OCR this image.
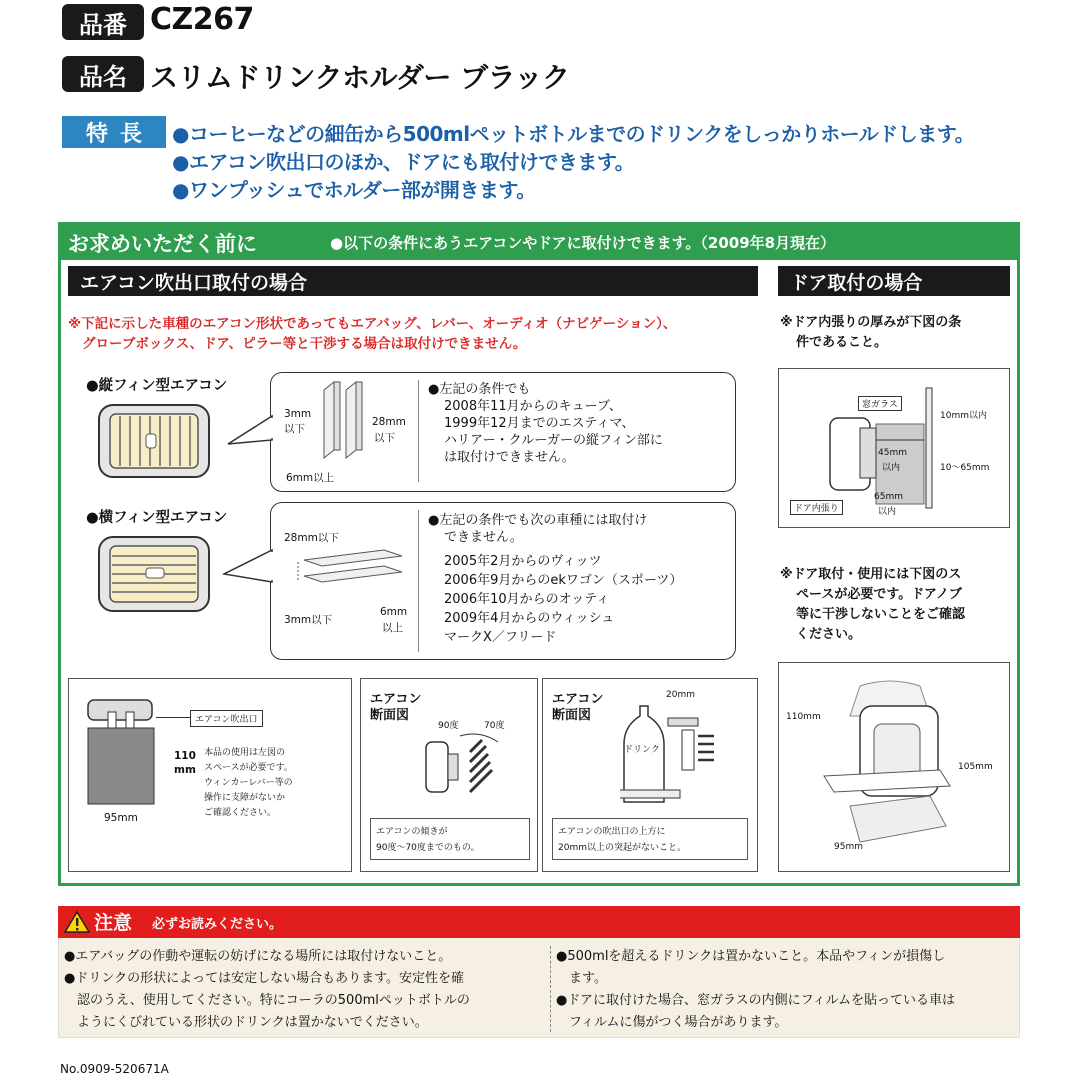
品番 CZ267
品名 スリムドリンクホルダー ブラック
特長 ●コーヒーなどの細缶から500mlペットボトルまでのドリンクをしっかりホールドします。
●エアコン吹出口のほか、ドアにも取付けできます。
●ワンプッシュでホルダー部が開きます。
お求めいただく前に	●以下の条件にあうエアコンやドアに取付けできます。（2009年8月現在）
エアコン吹出口取付の場合
※下記に示した車種のエアコン形状であってもエアバッグ、レバー、オーディオ（ナビゲーション）、
グローブボックス、ドア、ピラー等と干渉する場合は取付けできません。
●縦フィン型エアコン
3mm
以下
28mm
以下
6mm以上
●左記の条件でも
2008年11月からのキューブ、
1999年12月までのエスティマ、
ハリアー・クルーガーの縦フィン部に
は取付けできません。
●横フィン型エアコン
28mm以下
3mm以下
6mm
以上
●左記の条件でも次の車種には取付け
できません。
2005年2月からのヴィッツ
2006年9月からのekワゴン（スポーツ）
2006年10月からのオッティ
2009年4月からのウィッシュ
マークX／フリード
エアコン吹出口
110
mm
95mm
本品の使用は左図の
スペースが必要です。
ウィンカーレバー等の
操作に支障がないか
ご確認ください。
エアコン
断面図
90度	70度
エアコンの傾きが
90度～70度までのもの。
エアコン
断面図
20mm
ドリンク
エアコンの吹出口の上方に
20mm以上の突起がないこと。
ドア取付の場合
※ドア内張りの厚みが下図の条
件であること。
窓ガラス
10mm以内
10～65mm
45mm
以内
65mm
以内
ドア内張り
※ドア取付・使用には下図のス
ペースが必要です。ドアノブ
等に干渉しないことをご確認
ください。
110mm
105mm
95mm
注意 必ずお読みください。
●エアバッグの作動や運転の妨げになる場所には取付けないこと。
●ドリンクの形状によっては安定しない場合もあります。安定性を確
　認のうえ、使用してください。特にコーラの500mlペットボトルの
　ようにくびれている形状のドリンクは置かないでください。
●500mlを超えるドリンクは置かないこと。本品やフィンが損傷し
　ます。
●ドアに取付けた場合、窓ガラスの内側にフィルムを貼っている車は
　フィルムに傷がつく場合があります。
No.0909-520671A
